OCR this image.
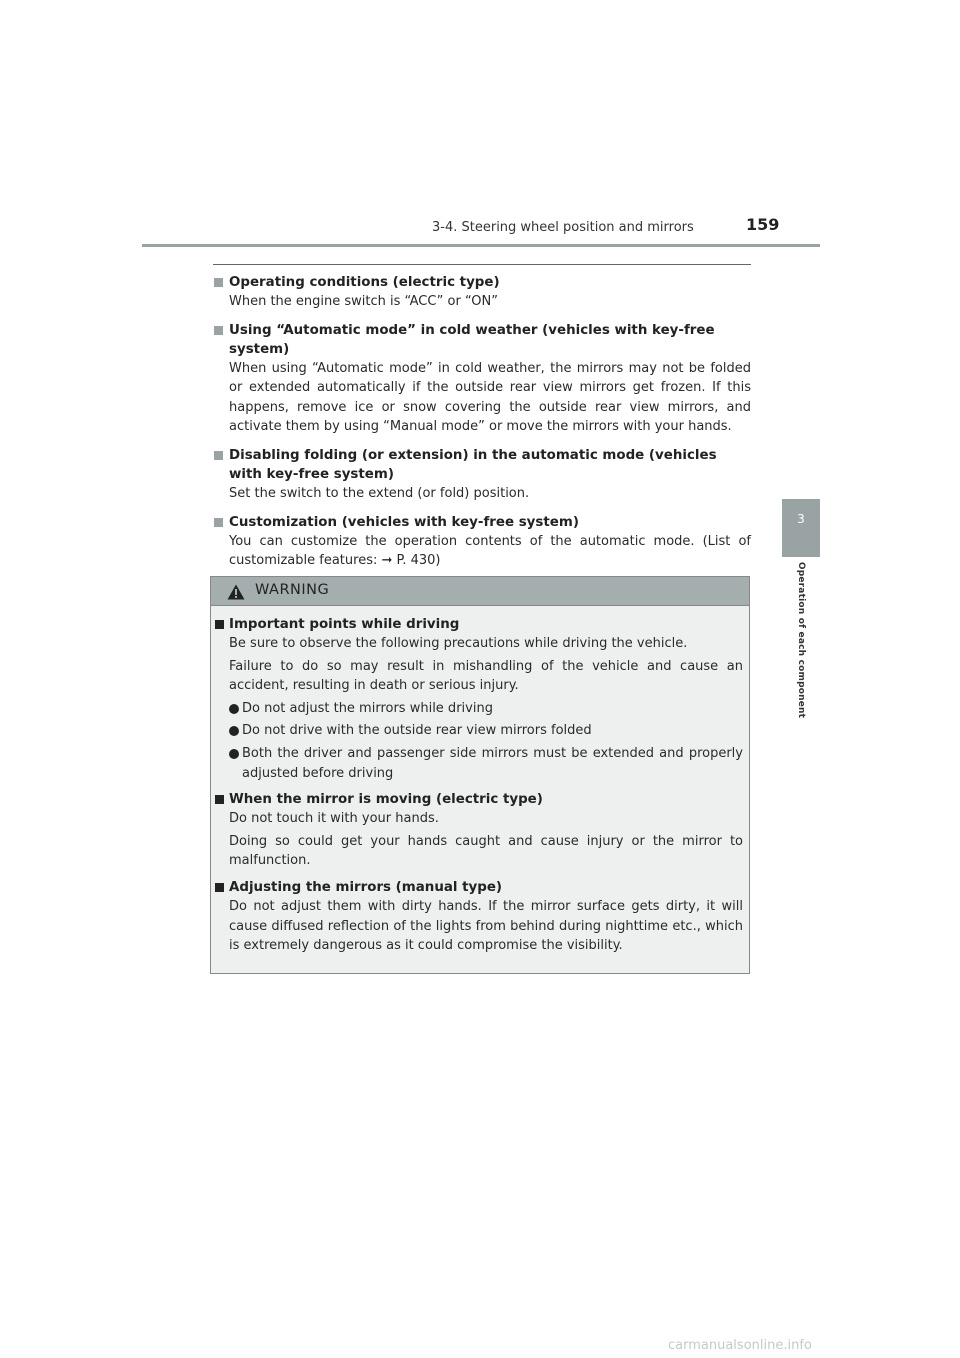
3-4. Steering wheel position and mirrors	159
3
Operation of each component
Operating conditions (electric type)
When the engine switch is “ACC” or “ON”
Using “Automatic mode” in cold weather (vehicles with key-free system)
When using “Automatic mode” in cold weather, the mirrors may not be folded or extended automatically if the outside rear view mirrors get frozen. If this happens, remove ice or snow covering the outside rear view mirrors, and activate them by using “Manual mode” or move the mirrors with your hands.
Disabling folding (or extension) in the automatic mode (vehicles with key-free system)
Set the switch to the extend (or fold) position.
Customization (vehicles with key-free system)
You can customize the operation contents of the automatic mode. (List of customizable features: ➞ P. 430)
WARNING
Important points while driving
Be sure to observe the following precautions while driving the vehicle.
Failure to do so may result in mishandling of the vehicle and cause an accident, resulting in death or serious injury.
Do not adjust the mirrors while driving
Do not drive with the outside rear view mirrors folded
Both the driver and passenger side mirrors must be extended and properly adjusted before driving
When the mirror is moving (electric type)
Do not touch it with your hands.
Doing so could get your hands caught and cause injury or the mirror to malfunction.
Adjusting the mirrors (manual type)
Do not adjust them with dirty hands. If the mirror surface gets dirty, it will cause diffused reflection of the lights from behind during nighttime etc., which is extremely dangerous as it could compromise the visibility.
carmanualsonline.info
